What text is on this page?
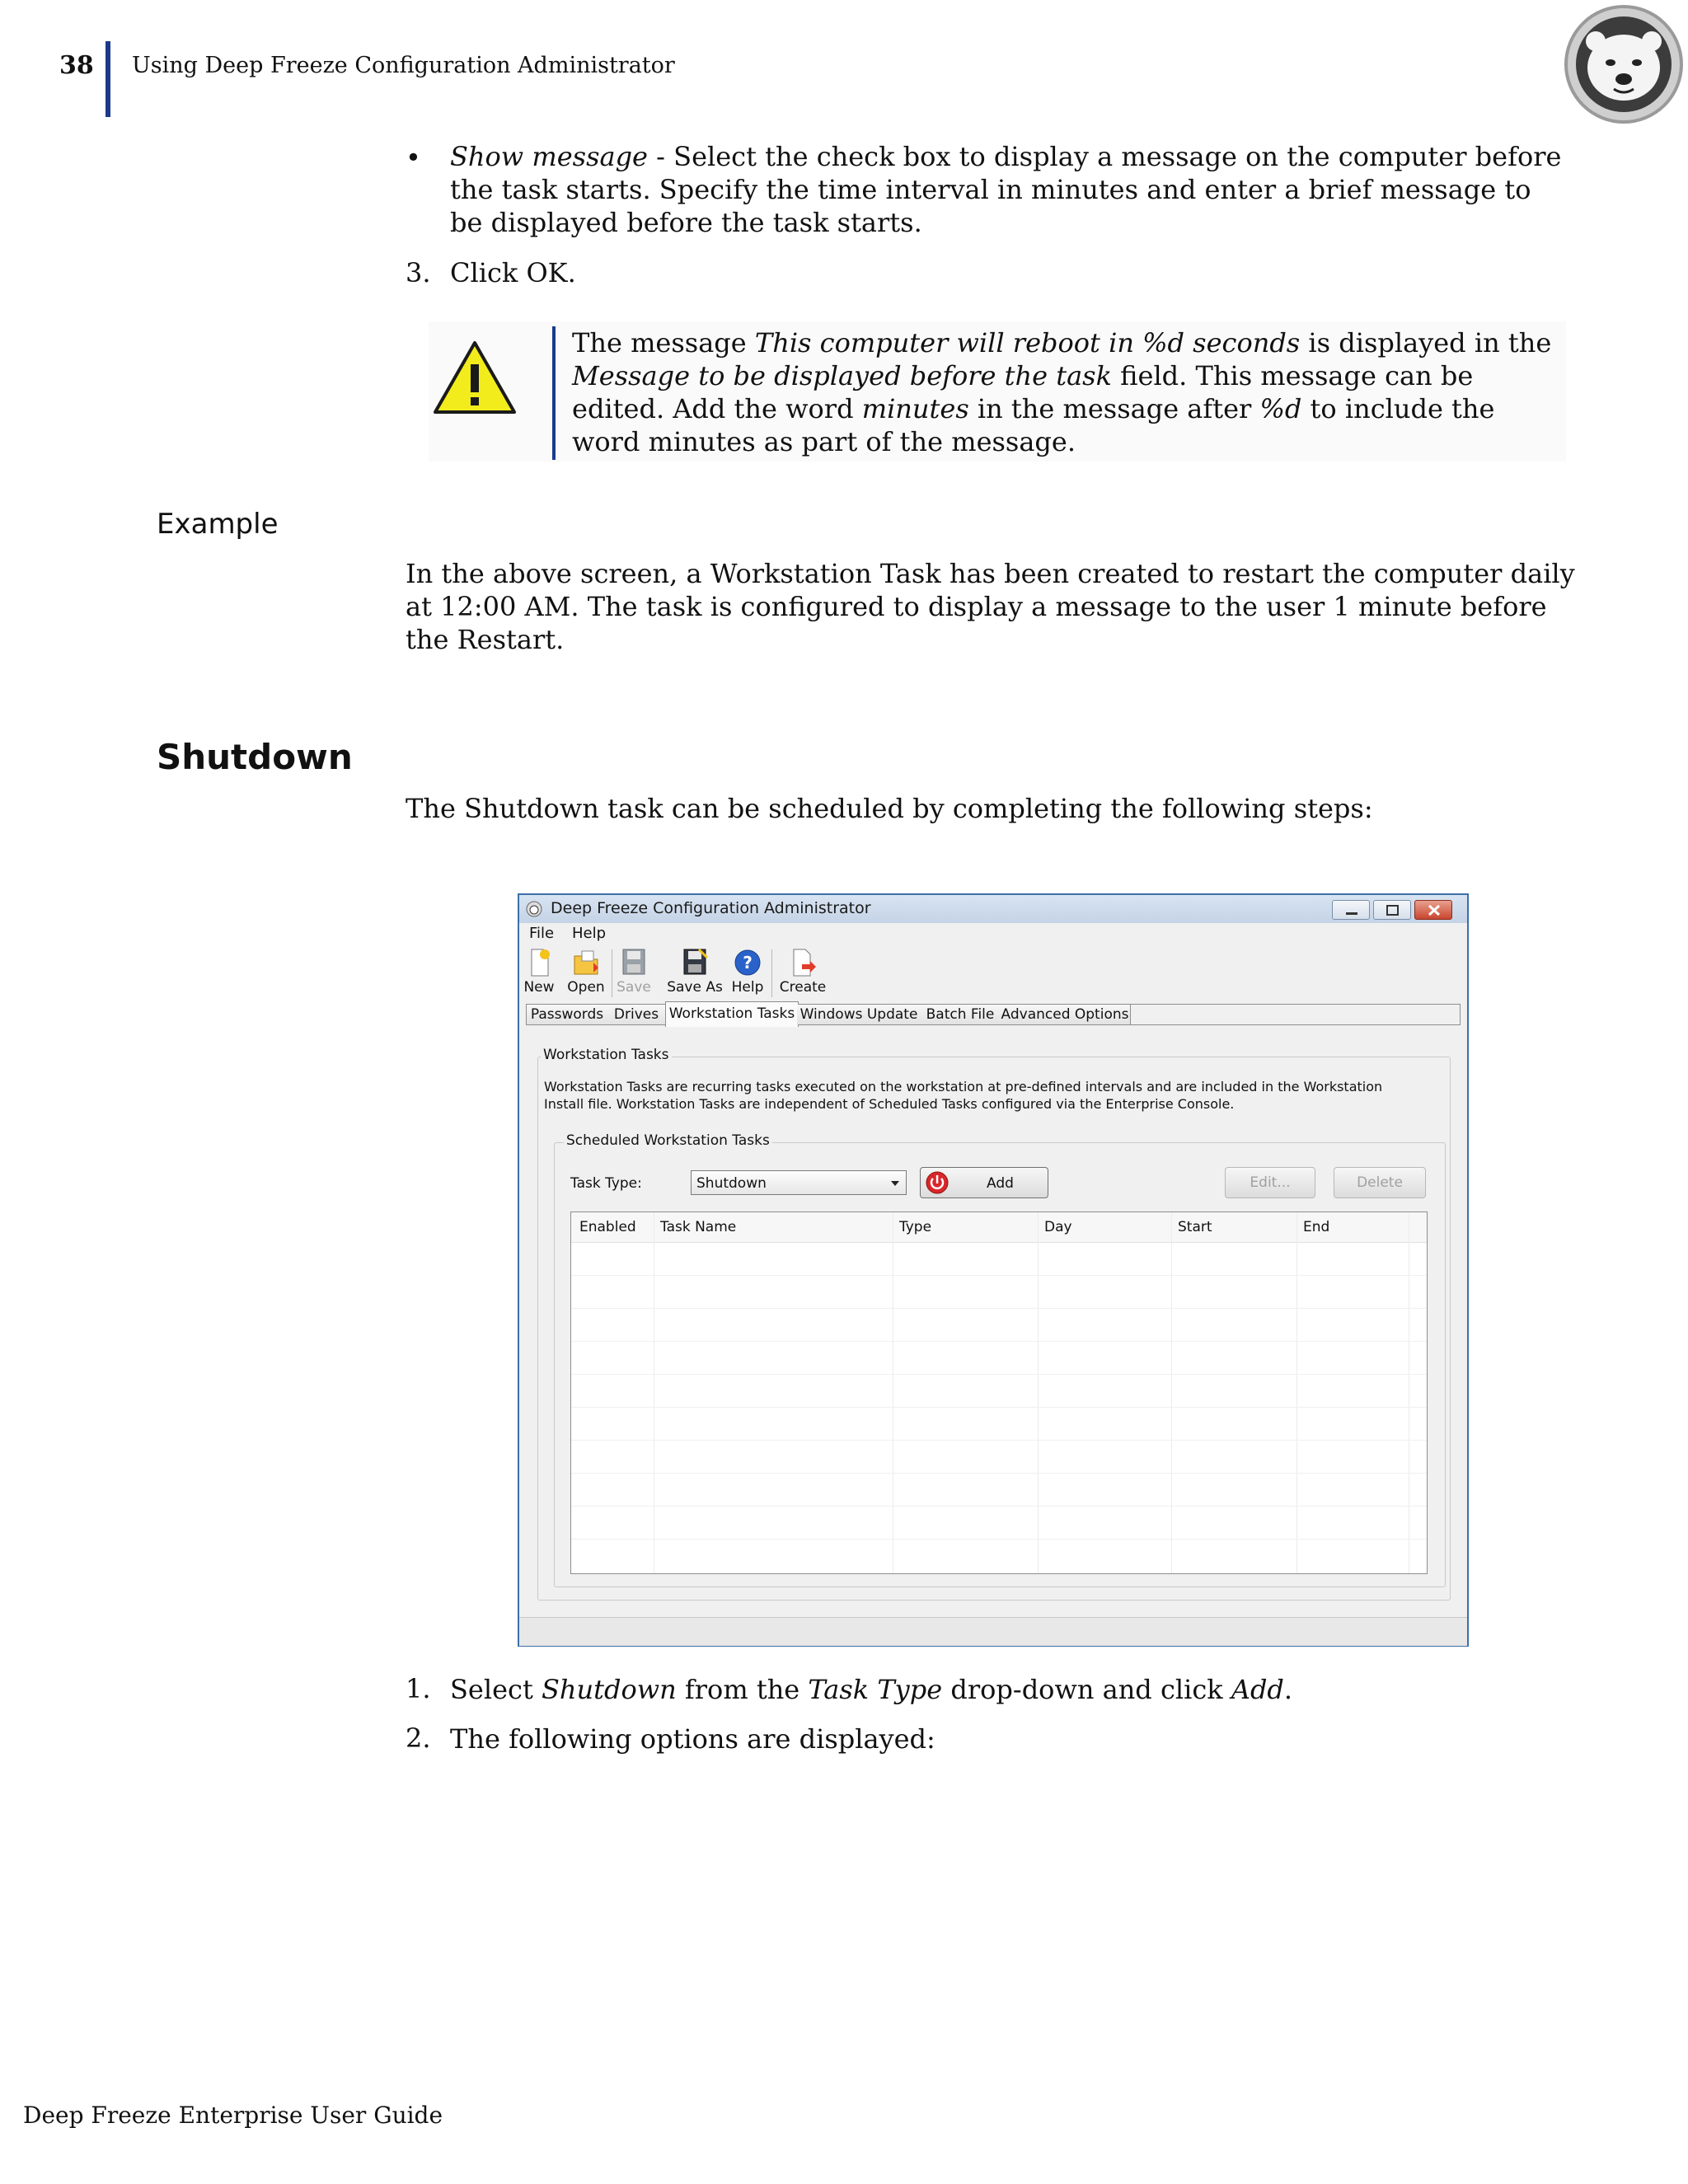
38 Using Deep Freeze Configuration Administrator
• Show message - Select the check box to display a message on the computer before the task starts. Specify the time interval in minutes and enter a brief message to be displayed before the task starts.
3. Click OK.
The message This computer will reboot in %d seconds is displayed in the Message to be displayed before the task field. This message can be edited. Add the word minutes in the message after %d to include the word minutes as part of the message.
Example
In the above screen, a Workstation Task has been created to restart the computer daily at 12:00 AM. The task is configured to display a message to the user 1 minute before the Restart.
Shutdown
The Shutdown task can be scheduled by completing the following steps:
Deep Freeze Configuration Administrator
File Help
New Open Save Save As
?
Help Create
Passwords Drives Workstation Tasks Windows Update Batch File Advanced Options
Workstation Tasks
Workstation Tasks are recurring tasks executed on the workstation at pre-defined intervals and are included in the Workstation Install file. Workstation Tasks are independent of Scheduled Tasks configured via the Enterprise Console.
Scheduled Workstation Tasks
Task Type:	Shutdown	Add	Edit...	Delete
Enabled Task Name	Type	Day	Start	End
1. Select Shutdown from the Task Type drop-down and click Add.
2. The following options are displayed:
Deep Freeze Enterprise User Guide
